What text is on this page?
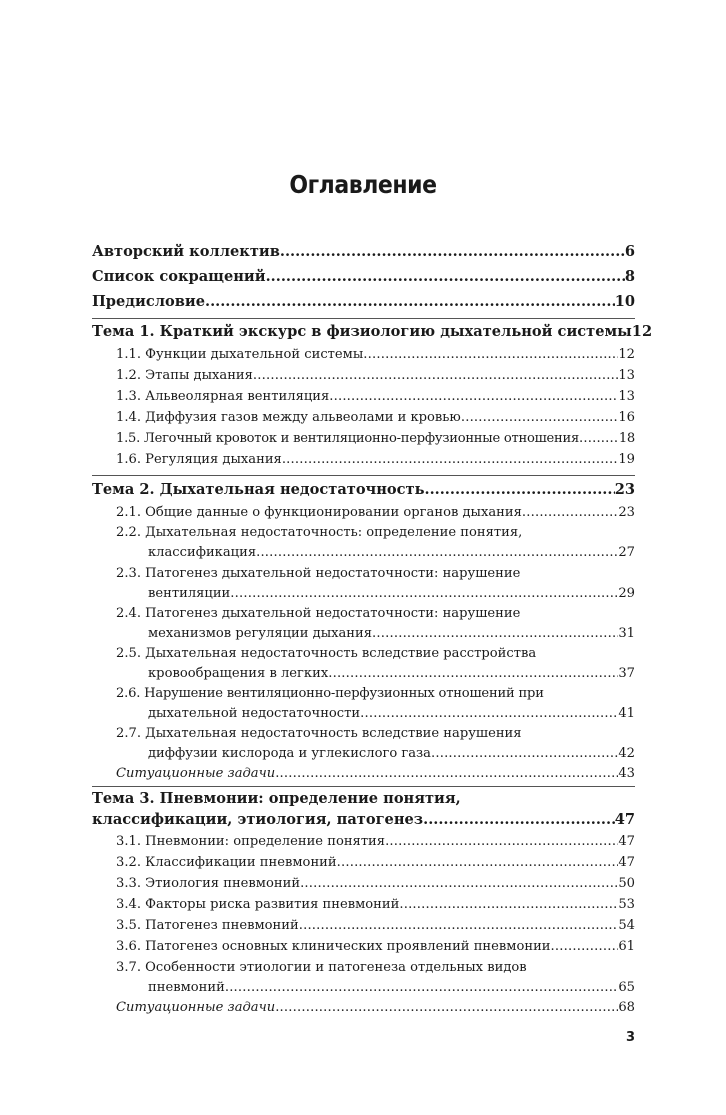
Оглавление
Авторский коллектив .....	6
Список сокращений .....	8
Предисловие .....	10
Тема 1. Краткий экскурс в физиологию дыхательной системы 12
1.1. Функции дыхательной системы .....	12
1.2. Этапы дыхания .....	13
1.3. Альвеолярная вентиляция .....	13
1.4. Диффузия газов между альвеолами и кровью .....	16
1.5. Легочный кровоток и вентиляционно-перфузионные отношения .....	18
1.6. Регуляция дыхания .....	19
Тема 2. Дыхательная недостаточность .....	23
2.1. Общие данные о функционировании органов дыхания .....	23
2.2. Дыхательная недостаточность: определение понятия,
классификация .....	27
2.3. Патогенез дыхательной недостаточности: нарушение
вентиляции .....	29
2.4. Патогенез дыхательной недостаточности: нарушение
механизмов регуляции дыхания .....	31
2.5. Дыхательная недостаточность вследствие расстройства
кровообращения в легких .....	37
2.6. Нарушение вентиляционно-перфузионных отношений при
дыхательной недостаточности .....	41
2.7. Дыхательная недостаточность вследствие нарушения
диффузии кислорода и углекислого газа .....	42
Ситуационные задачи .....	43
Тема 3. Пневмонии: определение понятия,
классификации, этиология, патогенез .....	47
3.1. Пневмонии: определение понятия .....	47
3.2. Классификации пневмоний .....	47
3.3. Этиология пневмоний .....	50
3.4. Факторы риска развития пневмоний .....	53
3.5. Патогенез пневмоний .....	54
3.6. Патогенез основных клинических проявлений пневмонии .....	61
3.7. Особенности этиологии и патогенеза отдельных видов
пневмоний .....	65
Ситуационные задачи .....	68
3
